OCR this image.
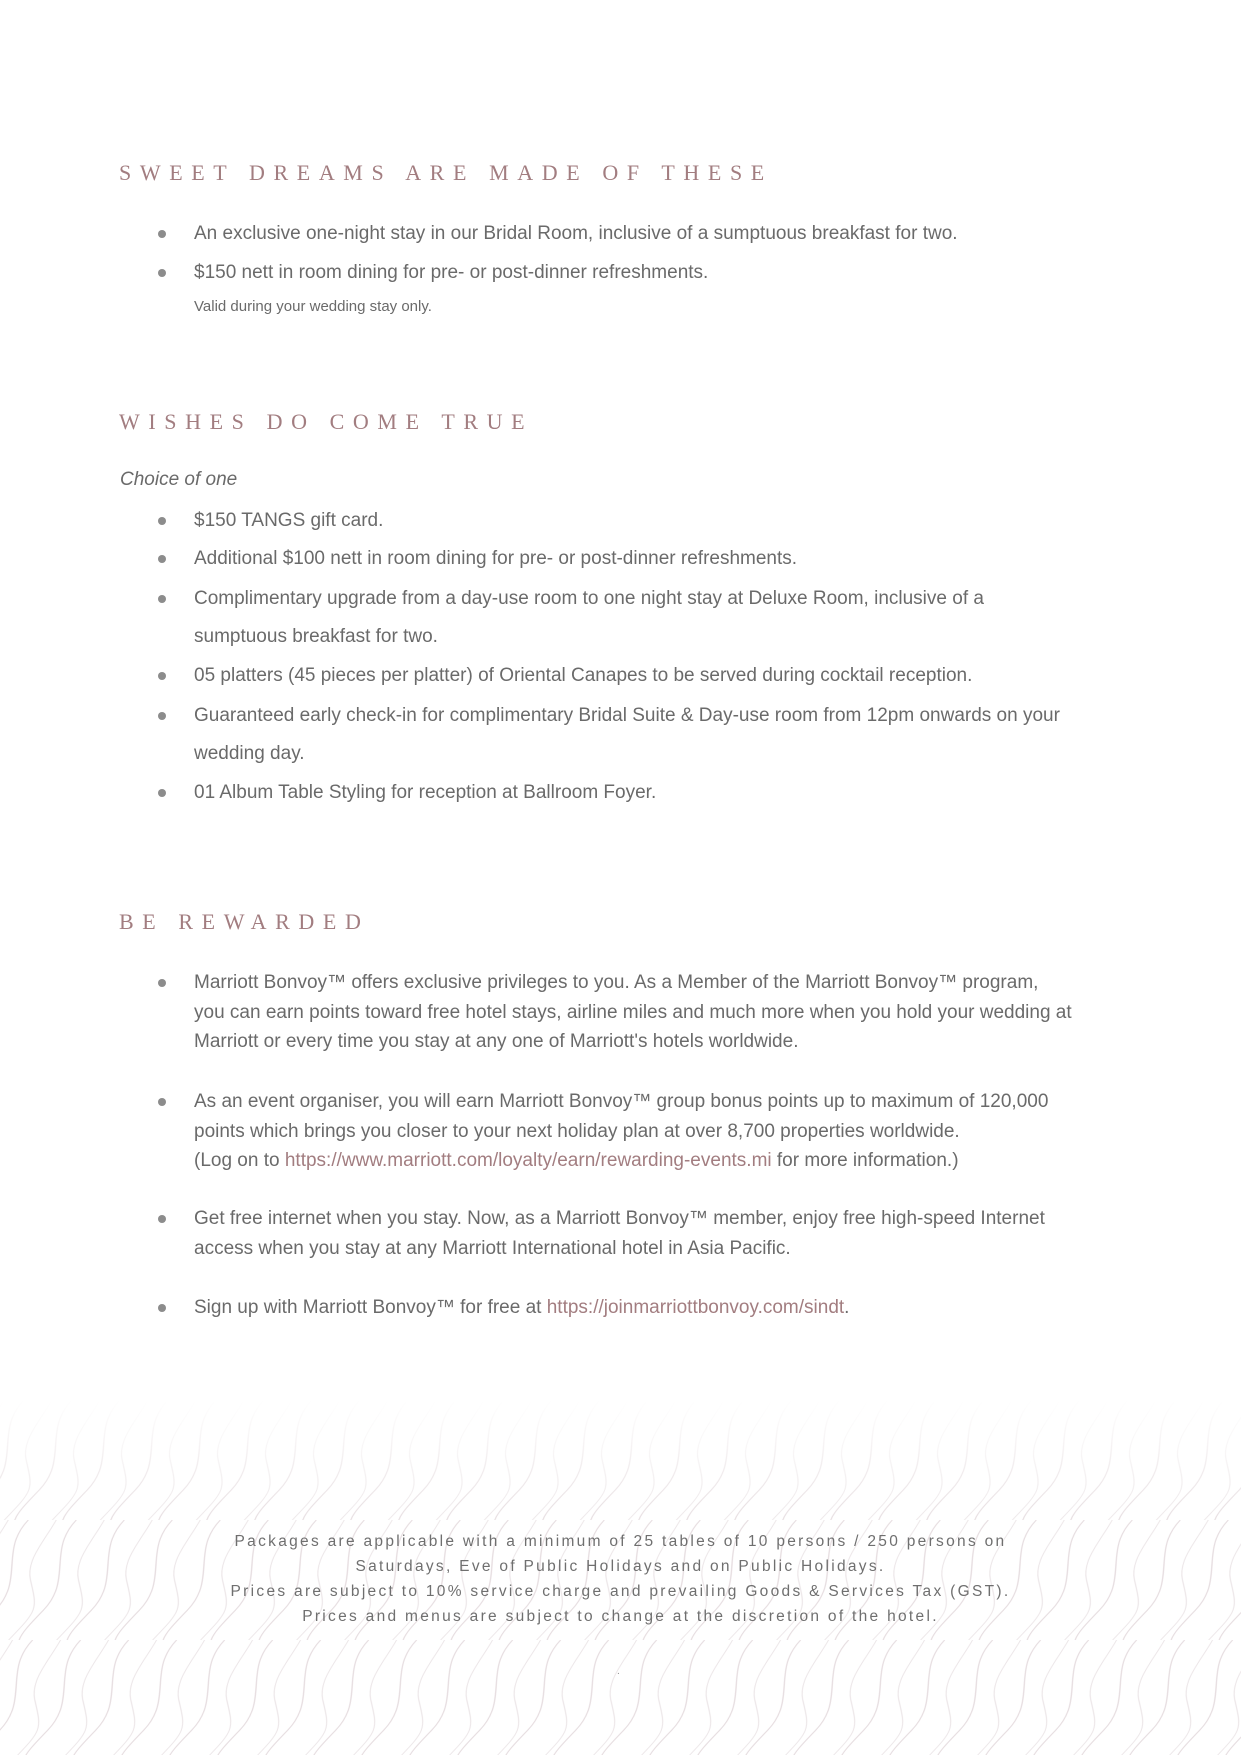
SWEET DREAMS ARE MADE OF THESE
An exclusive one-night stay in our Bridal Room, inclusive of a sumptuous breakfast for two.
$150 nett in room dining for pre- or post-dinner refreshments.
Valid during your wedding stay only.
WISHES DO COME TRUE
Choice of one
$150 TANGS gift card.
Additional $100 nett in room dining for pre- or post-dinner refreshments.
Complimentary upgrade from a day-use room to one night stay at Deluxe Room, inclusive of a
sumptuous breakfast for two.
05 platters (45 pieces per platter) of Oriental Canapes to be served during cocktail reception.
Guaranteed early check-in for complimentary Bridal Suite & Day-use room from 12pm onwards on your
wedding day.
01 Album Table Styling for reception at Ballroom Foyer.
BE REWARDED
Marriott Bonvoy™ offers exclusive privileges to you. As a Member of the Marriott Bonvoy™ program,
you can earn points toward free hotel stays, airline miles and much more when you hold your wedding at
Marriott or every time you stay at any one of Marriott's hotels worldwide.
As an event organiser, you will earn Marriott Bonvoy™ group bonus points up to maximum of 120,000
points which brings you closer to your next holiday plan at over 8,700 properties worldwide.
(Log on to https://www.marriott.com/loyalty/earn/rewarding-events.mi for more information.)
Get free internet when you stay. Now, as a Marriott Bonvoy™ member, enjoy free high-speed Internet
access when you stay at any Marriott International hotel in Asia Pacific.
Sign up with Marriott Bonvoy™ for free at https://joinmarriottbonvoy.com/sindt.
Packages are applicable with a minimum of 25 tables of 10 persons / 250 persons on
Saturdays, Eve of Public Holidays and on Public Holidays.
Prices are subject to 10% service charge and prevailing Goods & Services Tax (GST).
Prices and menus are subject to change at the discretion of the hotel.
.
